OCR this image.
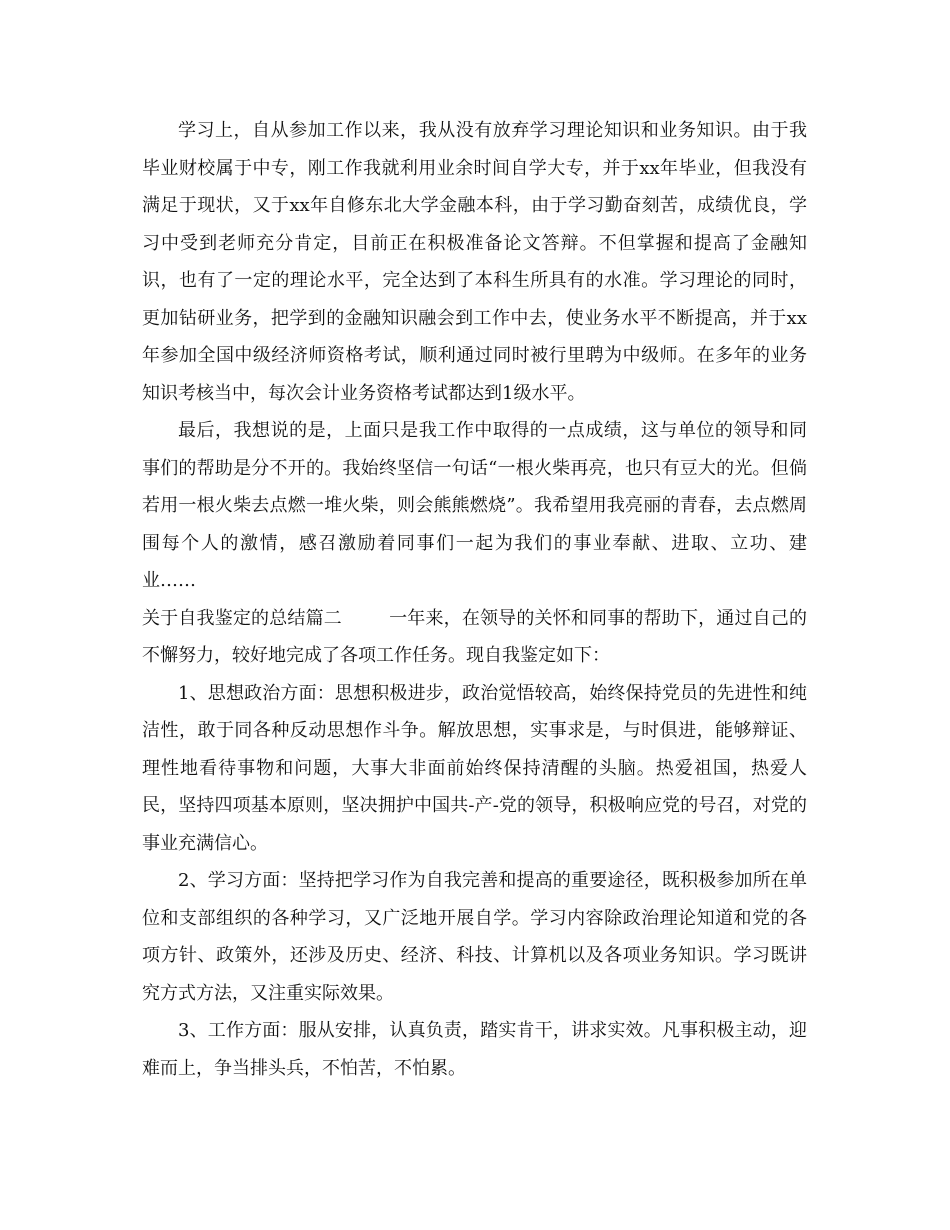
学习上，自从参加工作以来，我从没有放弃学习理论知识和业务知识。由于我毕业财校属于中专，刚工作我就利用业余时间自学大专，并于xx年毕业，但我没有满足于现状，又于xx年自修东北大学金融本科，由于学习勤奋刻苦，成绩优良，学习中受到老师充分肯定，目前正在积极准备论文答辩。不但掌握和提高了金融知识，也有了一定的理论水平，完全达到了本科生所具有的水准。学习理论的同时，更加钻研业务，把学到的金融知识融会到工作中去，使业务水平不断提高，并于xx年参加全国中级经济师资格考试，顺利通过同时被行里聘为中级师。在多年的业务知识考核当中，每次会计业务资格考试都达到1级水平。

最后，我想说的是，上面只是我工作中取得的一点成绩，这与单位的领导和同事们的帮助是分不开的。我始终坚信一句话“一根火柴再亮，也只有豆大的光。但倘若用一根火柴去点燃一堆火柴，则会熊熊燃烧”。我希望用我亮丽的青春，去点燃周围每个人的激情，感召激励着同事们一起为我们的事业奉献、进取、立功、建业……

关于自我鉴定的总结篇二	一年来，在领导的关怀和同事的帮助下，通过自己的不懈努力，较好地完成了各项工作任务。现自我鉴定如下：

1、思想政治方面：思想积极进步，政治觉悟较高，始终保持党员的先进性和纯洁性，敢于同各种反动思想作斗争。解放思想，实事求是，与时俱进，能够辩证、理性地看待事物和问题，大事大非面前始终保持清醒的头脑。热爱祖国，热爱人民，坚持四项基本原则，坚决拥护中国共-产-党的领导，积极响应党的号召，对党的事业充满信心。

2、学习方面：坚持把学习作为自我完善和提高的重要途径，既积极参加所在单位和支部组织的各种学习，又广泛地开展自学。学习内容除政治理论知道和党的各项方针、政策外，还涉及历史、经济、科技、计算机以及各项业务知识。学习既讲究方式方法，又注重实际效果。

3、工作方面：服从安排，认真负责，踏实肯干，讲求实效。凡事积极主动，迎难而上，争当排头兵，不怕苦，不怕累。
